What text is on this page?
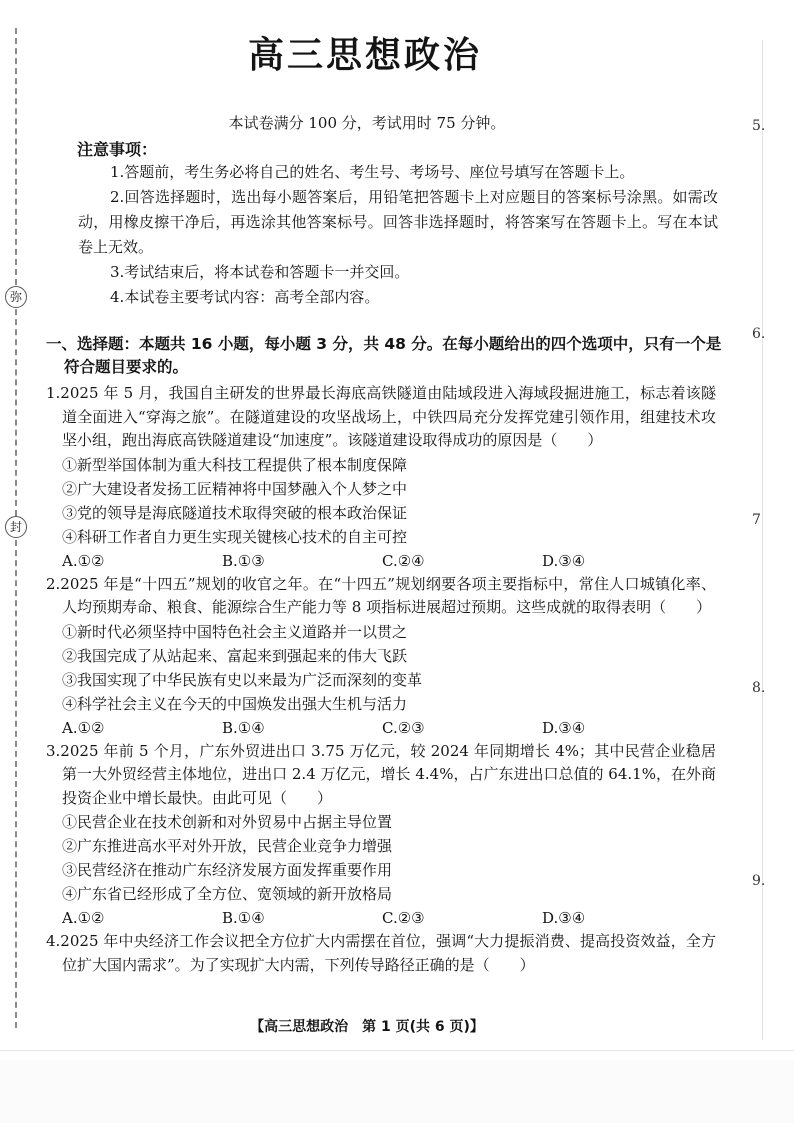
弥
封
5.
6.
7
8.
9.
高三思想政治
本试卷满分 100 分，考试用时 75 分钟。
注意事项：
1.答题前，考生务必将自己的姓名、考生号、考场号、座位号填写在答题卡上。
2.回答选择题时，选出每小题答案后，用铅笔把答题卡上对应题目的答案标号涂黑。如需改动，用橡皮擦干净后，再选涂其他答案标号。回答非选择题时，将答案写在答题卡上。写在本试卷上无效。
3.考试结束后，将本试卷和答题卡一并交回。
4.本试卷主要考试内容：高考全部内容。
一、选择题：本题共 16 小题，每小题 3 分，共 48 分。在每小题给出的四个选项中，只有一个是符合题目要求的。
1.2025 年 5 月，我国自主研发的世界最长海底高铁隧道由陆域段进入海域段掘进施工，标志着该隧道全面进入“穿海之旅”。在隧道建设的攻坚战场上，中铁四局充分发挥党建引领作用，组建技术攻坚小组，跑出海底高铁隧道建设“加速度”。该隧道建设取得成功的原因是（　　）
①新型举国体制为重大科技工程提供了根本制度保障
②广大建设者发扬工匠精神将中国梦融入个人梦之中
③党的领导是海底隧道技术取得突破的根本政治保证
④科研工作者自力更生实现关键核心技术的自主可控
A.①②	B.①③	C.②④	D.③④
2.2025 年是“十四五”规划的收官之年。在“十四五”规划纲要各项主要指标中，常住人口城镇化率、人均预期寿命、粮食、能源综合生产能力等 8 项指标进展超过预期。这些成就的取得表明（　　）
①新时代必须坚持中国特色社会主义道路并一以贯之
②我国完成了从站起来、富起来到强起来的伟大飞跃
③我国实现了中华民族有史以来最为广泛而深刻的变革
④科学社会主义在今天的中国焕发出强大生机与活力
A.①②	B.①④	C.②③	D.③④
3.2025 年前 5 个月，广东外贸进出口 3.75 万亿元，较 2024 年同期增长 4%；其中民营企业稳居第一大外贸经营主体地位，进出口 2.4 万亿元，增长 4.4%，占广东进出口总值的 64.1%，在外商投资企业中增长最快。由此可见（　　）
①民营企业在技术创新和对外贸易中占据主导位置
②广东推进高水平对外开放，民营企业竞争力增强
③民营经济在推动广东经济发展方面发挥重要作用
④广东省已经形成了全方位、宽领域的新开放格局
A.①②	B.①④	C.②③	D.③④
4.2025 年中央经济工作会议把全方位扩大内需摆在首位，强调“大力提振消费、提高投资效益，全方位扩大国内需求”。为了实现扩大内需，下列传导路径正确的是（　　）
【高三思想政治　第 1 页(共 6 页)】
